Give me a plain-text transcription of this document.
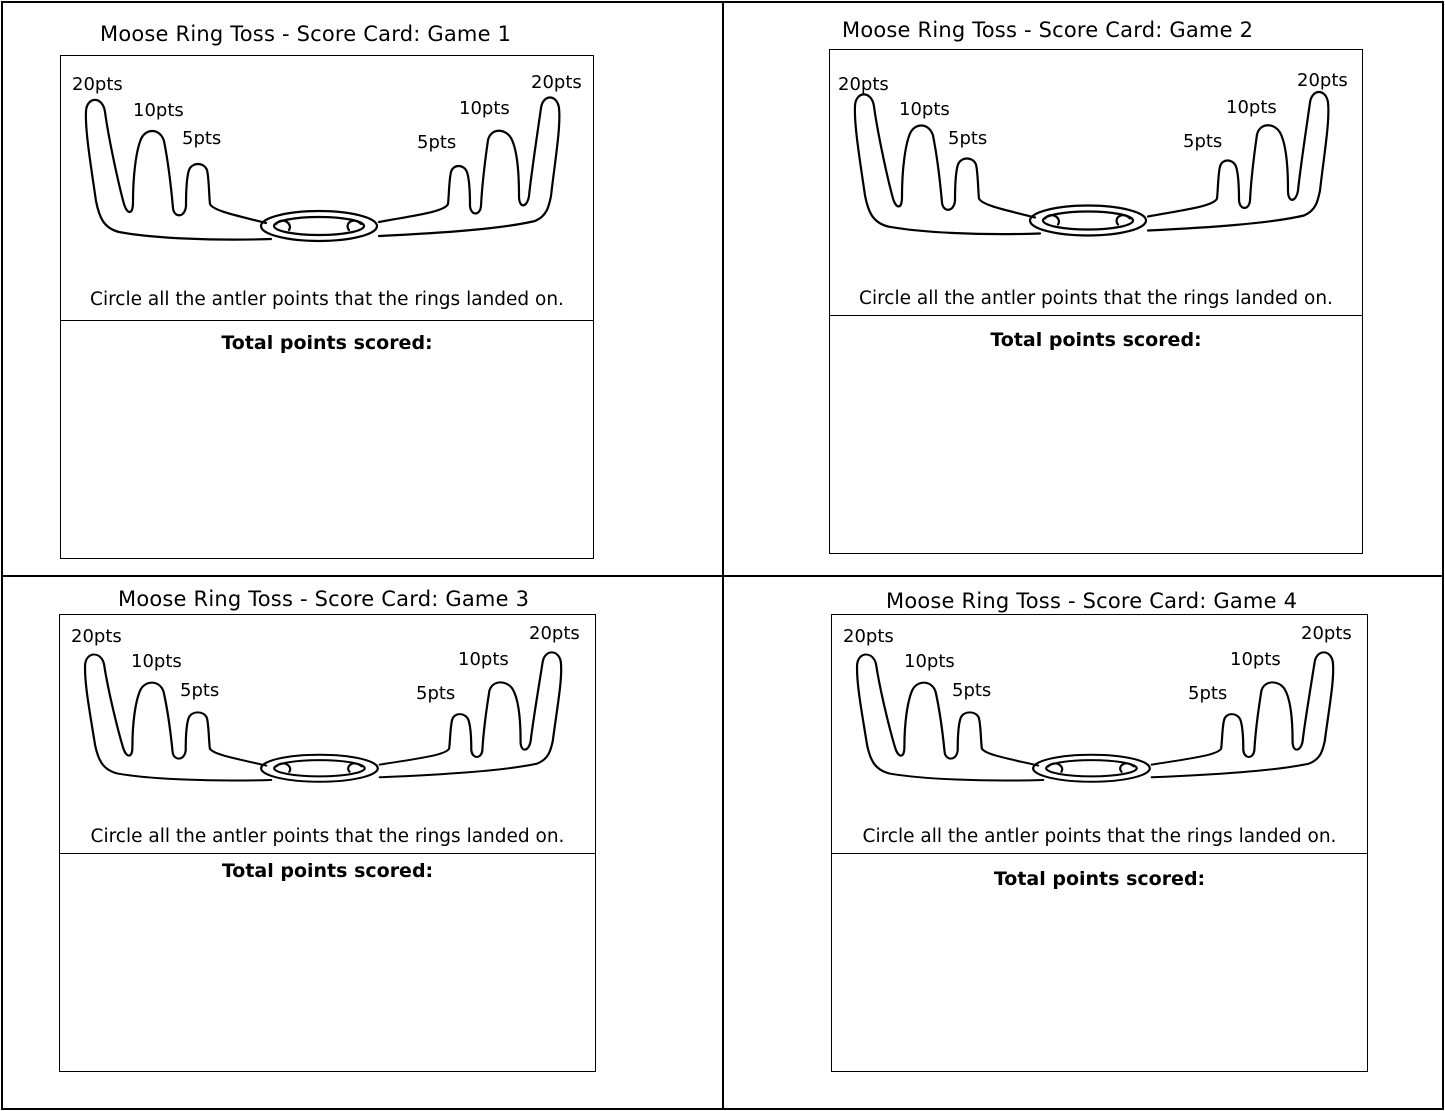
Moose Ring Toss - Score Card: Game 1
20pts
10pts
5pts	5pts
10pts
20pts
Circle all the antler points that the rings landed on.
Total points scored:
Moose Ring Toss - Score Card: Game 2
20pts
10pts
5pts	5pts
10pts
20pts
Circle all the antler points that the rings landed on.
Total points scored:
Moose Ring Toss - Score Card: Game 3
20pts
10pts
5pts	5pts
10pts
20pts
Circle all the antler points that the rings landed on.
Total points scored:
Moose Ring Toss - Score Card: Game 4
20pts
10pts
5pts	5pts
10pts
20pts
Circle all the antler points that the rings landed on.
Total points scored:
